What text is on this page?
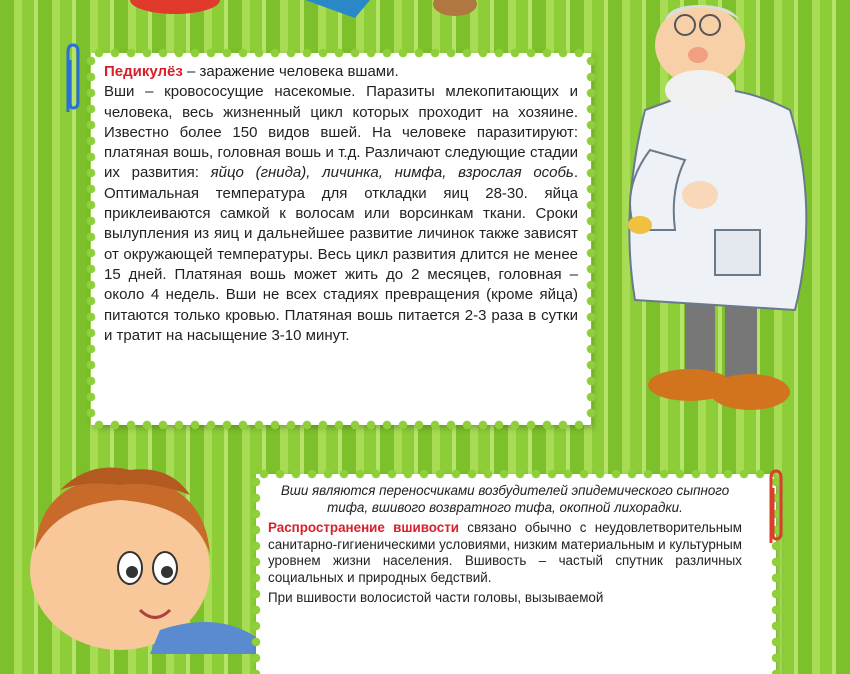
Педикулёз – заражение человека вшами.
Вши – кровососущие насекомые. Паразиты млекопитающих и человека, весь жизненный цикл которых проходит на хозяине. Известно более 150 видов вшей. На человеке паразитируют: платяная вошь, головная вошь и т.д. Различают следующие стадии их развития: яйцо (гнида), личинка, нимфа, взрослая особь. Оптимальная температура для откладки яиц 28-30. яйца приклеиваются самкой к волосам или ворсинкам ткани. Сроки вылупления из яиц и дальнейшее развитие личинок также зависят от окружающей температуры. Весь цикл развития длится не менее 15 дней. Платяная вошь может жить до 2 месяцев, головная – около 4 недель. Вши не всех стадиях превращения (кроме яйца) питаются только кровью. Платяная вошь питается 2-3 раза в сутки и тратит на насыщение 3-10 минут.

Вши являются переносчиками возбудителей эпидемического сыпного тифа, вшивого возвратного тифа, окопной лихорадки.

Распространение вшивости связано обычно с неудовлетворительным санитарно-гигиеническими условиями, низким материальным и культурным уровнем жизни населения. Вшивость – частый спутник различных социальных и природных бедствий.

При вшивости волосистой части головы, вызываемой
